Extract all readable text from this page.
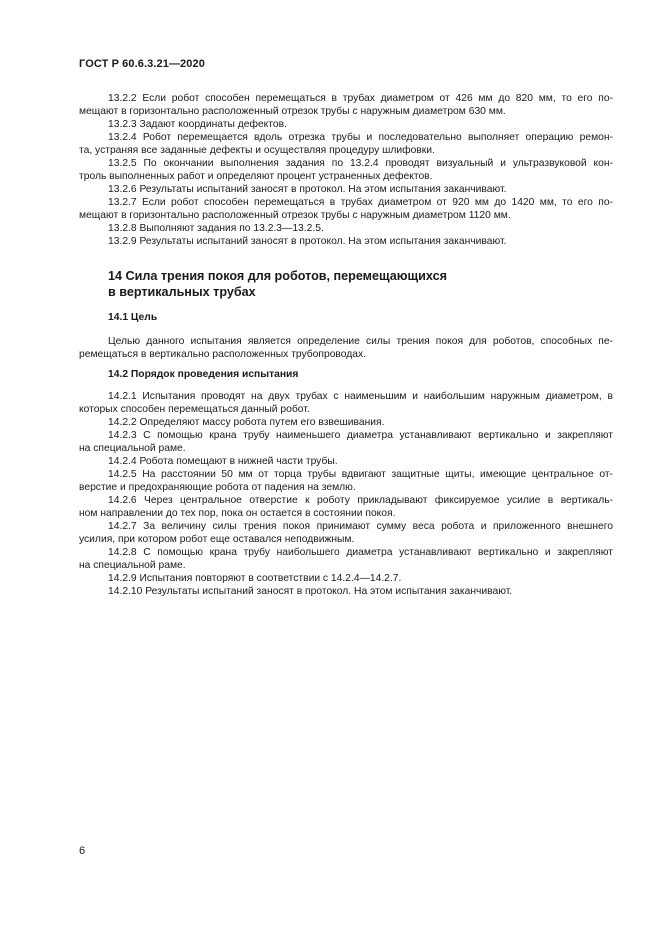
ГОСТ Р 60.6.3.21—2020
13.2.2 Если робот способен перемещаться в трубах диаметром от 426 мм до 820 мм, то его по-
мещают в горизонтально расположенный отрезок трубы с наружным диаметром 630 мм.
13.2.3 Задают координаты дефектов.
13.2.4 Робот перемещается вдоль отрезка трубы и последовательно выполняет операцию ремон-
та, устраняя все заданные дефекты и осуществляя процедуру шлифовки.
13.2.5 По окончании выполнения задания по 13.2.4 проводят визуальный и ультразвуковой кон-
троль выполненных работ и определяют процент устраненных дефектов.
13.2.6 Результаты испытаний заносят в протокол. На этом испытания заканчивают.
13.2.7 Если робот способен перемещаться в трубах диаметром от 920 мм до 1420 мм, то его по-
мещают в горизонтально расположенный отрезок трубы с наружным диаметром 1120 мм.
13.2.8 Выполняют задания по 13.2.3—13.2.5.
13.2.9 Результаты испытаний заносят в протокол. На этом испытания заканчивают.
14 Сила трения покоя для роботов, перемещающихся
в вертикальных трубах
14.1 Цель
Целью данного испытания является определение силы трения покоя для роботов, способных пе-
ремещаться в вертикально расположенных трубопроводах.
14.2 Порядок проведения испытания
14.2.1 Испытания проводят на двух трубах с наименьшим и наибольшим наружным диаметром, в
которых способен перемещаться данный робот.
14.2.2 Определяют массу робота путем его взвешивания.
14.2.3 С помощью крана трубу наименьшего диаметра устанавливают вертикально и закрепляют
на специальной раме.
14.2.4 Робота помещают в нижней части трубы.
14.2.5 На расстоянии 50 мм от торца трубы вдвигают защитные щиты, имеющие центральное от-
верстие и предохраняющие робота от падения на землю.
14.2.6 Через центральное отверстие к роботу прикладывают фиксируемое усилие в вертикаль-
ном направлении до тех пор, пока он остается в состоянии покоя.
14.2.7 За величину силы трения покоя принимают сумму веса робота и приложенного внешнего
усилия, при котором робот еще оставался неподвижным.
14.2.8 С помощью крана трубу наибольшего диаметра устанавливают вертикально и закрепляют
на специальной раме.
14.2.9 Испытания повторяют в соответствии с 14.2.4—14.2.7.
14.2.10 Результаты испытаний заносят в протокол. На этом испытания заканчивают.
6
